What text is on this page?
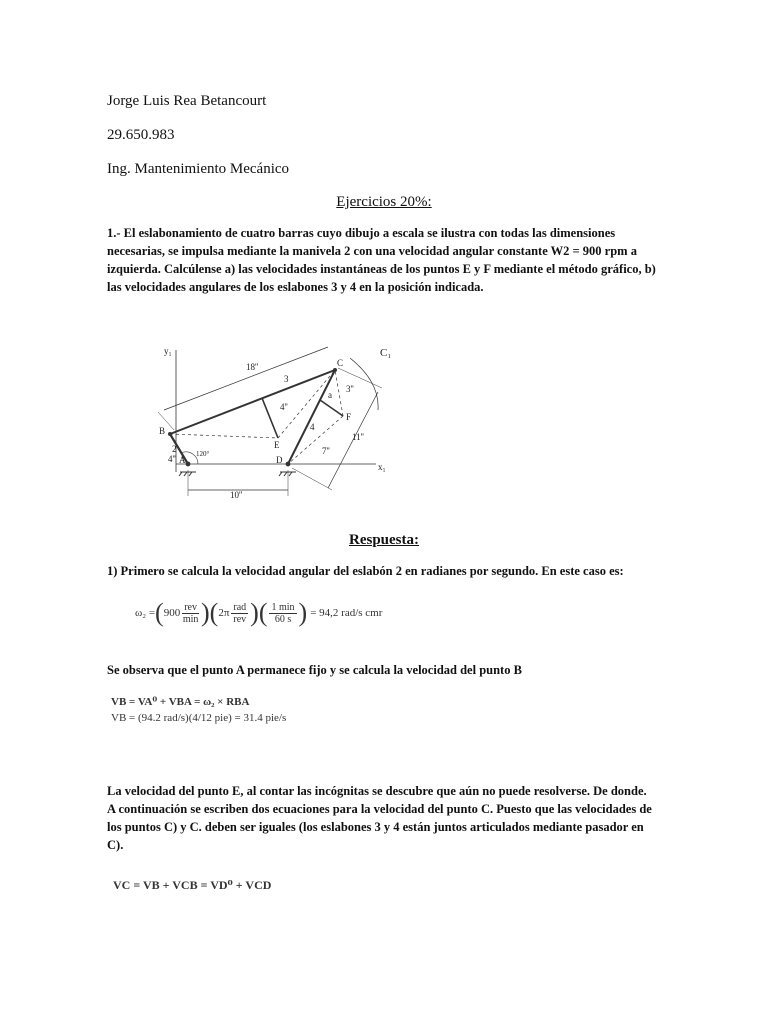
Jorge Luis Rea Betancourt
29.650.983
Ing. Mantenimiento Mecánico
Ejercicios 20%:
1.- El eslabonamiento de cuatro barras cuyo dibujo a escala se ilustra con todas las dimensiones
necesarias, se impulsa mediante la manivela 2 con una velocidad angular constante W2 = 900 rpm a
izquierda. Calcúlense a) las velocidades instantáneas de los puntos E y F mediante el método gráfico, b)
las velocidades angulares de los eslabones 3 y 4 en la posición indicada.
y₁	C₁
x₁
18''
10''
11''
7''
4''
4''
3''
120°
A
B
C
D
E
F
2
3
4
a
Respuesta:
1) Primero se calcula la velocidad angular del eslabón 2 en radianes por segundo. En este caso es:
ω₂ = ( $900 \frac{\text{rev}}{\min}$ )( $2\pi \frac{\text{rad}}{\text{rev}}$ )( $\frac{1 \min}{60 s}$ ) = 94,2 rad/s cmr
Se observa que el punto A permanece fijo y se calcula la velocidad del punto B
VB = VA⁰ + VBA = ω₂ × RBA
VB = (94.2 rad/s)(4/12 pie) = 31.4 pie/s
La velocidad del punto E, al contar las incógnitas se descubre que aún no puede resolverse. De donde.
A continuación se escriben dos ecuaciones para la velocidad del punto C. Puesto que las velocidades de
los puntos C) y C. deben ser iguales (los eslabones 3 y 4 están juntos articulados mediante pasador en
C).
VC = VB + VCB = VD⁰ + VCD
